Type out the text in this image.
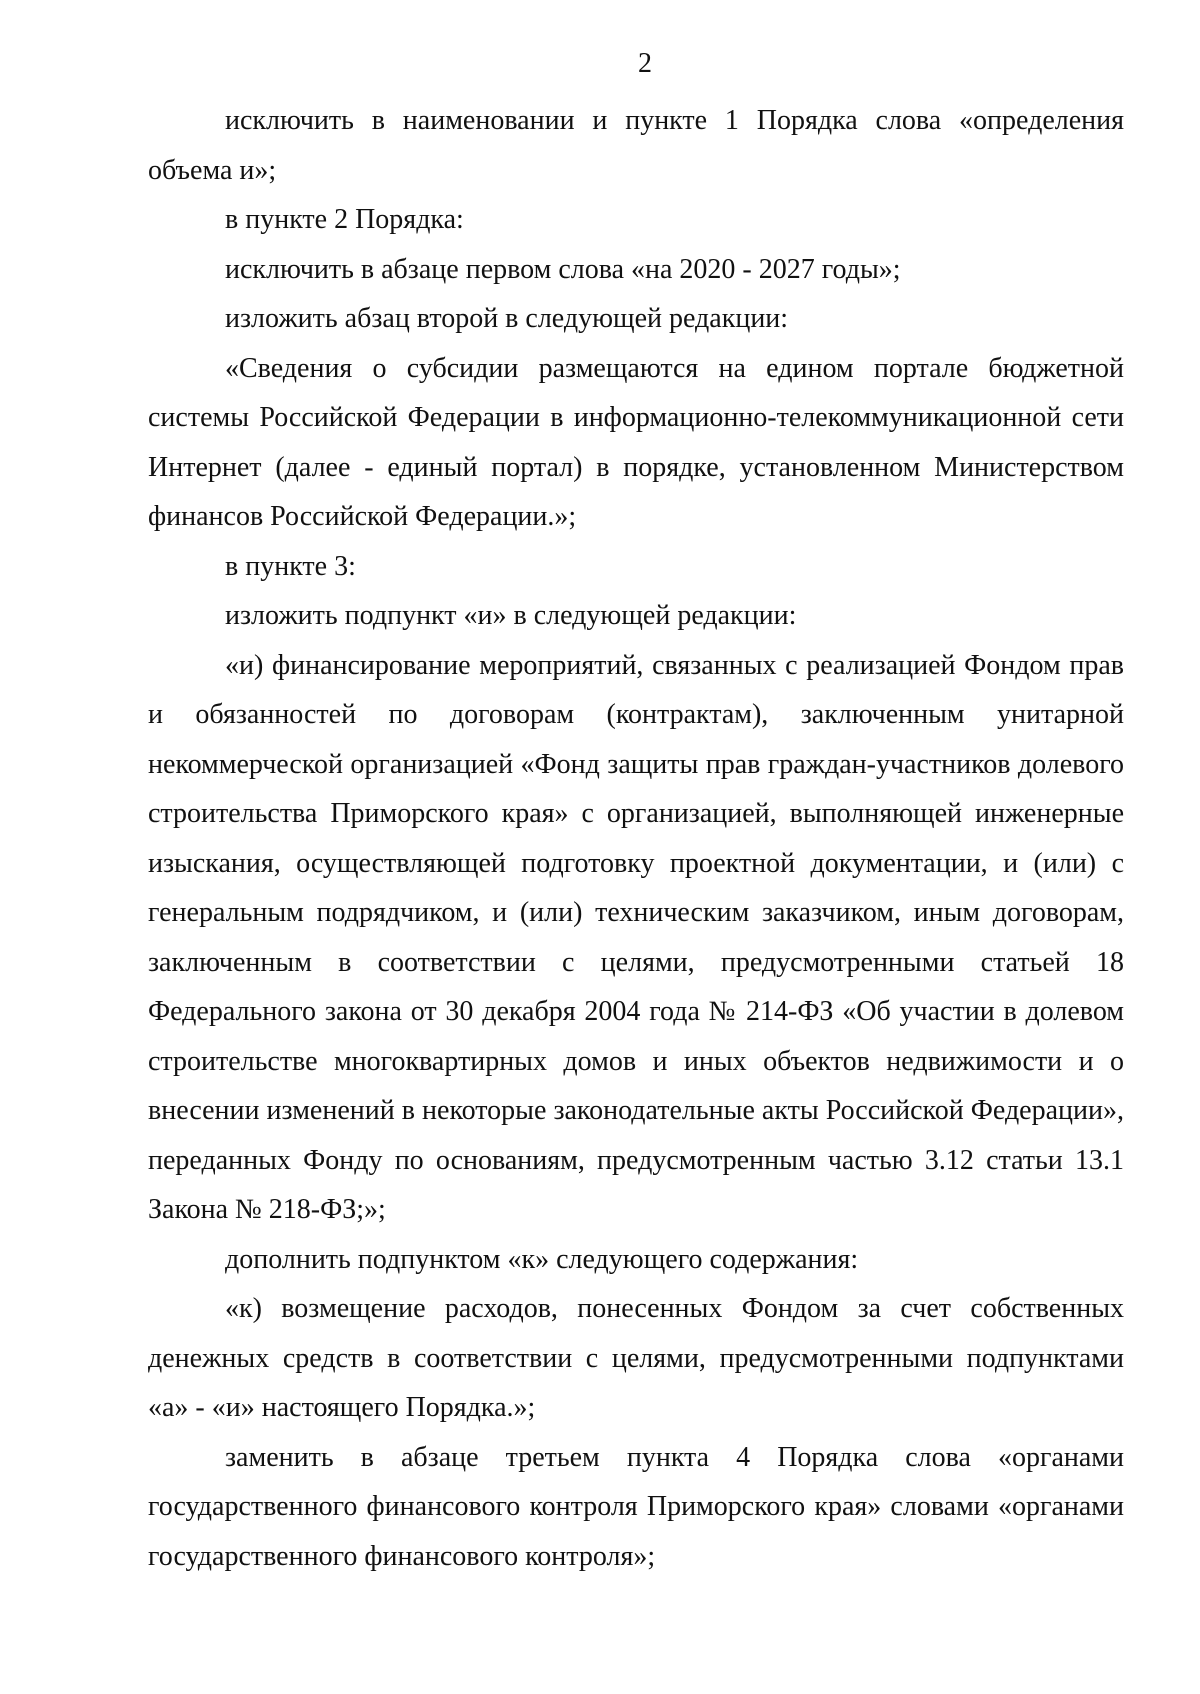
2

исключить в наименовании и пункте 1 Порядка слова «определения объема и»;

в пункте 2 Порядка:

исключить в абзаце первом слова «на 2020 - 2027 годы»;

изложить абзац второй в следующей редакции:

«Сведения о субсидии размещаются на едином портале бюджетной системы Российской Федерации в информационно-телекоммуникационной сети Интернет (далее - единый портал) в порядке, установленном Министерством финансов Российской Федерации.»;

в пункте 3:

изложить подпункт «и» в следующей редакции:

«и) финансирование мероприятий, связанных с реализацией Фондом прав и обязанностей по договорам (контрактам), заключенным унитарной некоммерческой организацией «Фонд защиты прав граждан-участников долевого строительства Приморского края» с организацией, выполняющей инженерные изыскания, осуществляющей подготовку проектной документации, и (или) с генеральным подрядчиком, и (или) техническим заказчиком, иным договорам, заключенным в соответствии с целями, предусмотренными статьей 18 Федерального закона от 30 декабря 2004 года № 214-ФЗ «Об участии в долевом строительстве многоквартирных домов и иных объектов недвижимости и о внесении изменений в некоторые законодательные акты Российской Федерации», переданных Фонду по основаниям, предусмотренным частью 3.12 статьи 13.1 Закона № 218-ФЗ;»;

дополнить подпунктом «к» следующего содержания:

«к) возмещение расходов, понесенных Фондом за счет собственных денежных средств в соответствии с целями, предусмотренными подпунктами «а» - «и» настоящего Порядка.»;

заменить в абзаце третьем пункта 4 Порядка слова «органами государственного финансового контроля Приморского края» словами «органами государственного финансового контроля»;
